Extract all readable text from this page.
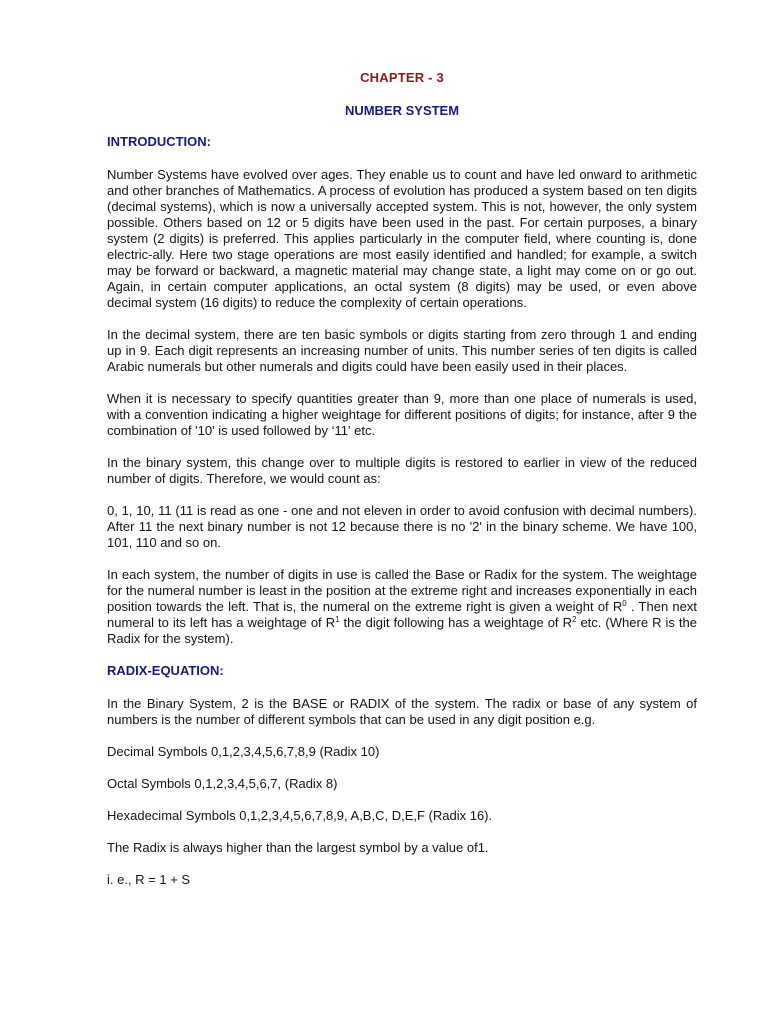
CHAPTER - 3
NUMBER SYSTEM
INTRODUCTION:

Number Systems have evolved over ages. They enable us to count and have led onward to arithmetic and other branches of Mathematics. A process of evolution has produced a system based on ten digits (decimal systems), which is now a universally accepted system. This is not, however, the only system possible. Others based on 12 or 5 digits have been used in the past. For certain purposes, a binary system (2 digits) is preferred. This applies particularly in the computer field, where counting is, done electric-ally. Here two stage operations are most easily identified and handled; for example, a switch may be forward or backward, a magnetic material may change state, a light may come on or go out. Again, in certain computer applications, an octal system (8 digits) may be used, or even above decimal system (16 digits) to reduce the complexity of certain operations.

In the decimal system, there are ten basic symbols or digits starting from zero through 1 and ending up in 9. Each digit represents an increasing number of units. This number series of ten digits is called Arabic numerals but other numerals and digits could have been easily used in their places.

When it is necessary to specify quantities greater than 9, more than one place of numerals is used, with a convention indicating a higher weightage for different positions of digits; for instance, after 9 the combination of '10' is used followed by ‘11' etc.

In the binary system, this change over to multiple digits is restored to earlier in view of the reduced number of digits. Therefore, we would count as:

0, 1, 10, 11 (11 is read as one - one and not eleven in order to avoid confusion with decimal numbers). After 11 the next binary number is not 12 because there is no '2' in the binary scheme. We have 100, 101, 110 and so on.

In each system, the number of digits in use is called the Base or Radix for the system. The weightage for the numeral number is least in the position at the extreme right and increases exponentially in each position towards the left. That is, the numeral on the extreme right is given a weight of $R^0$ . Then next numeral to its left has a weightage of $R^1$ the digit following has a weightage of $R^2$ etc. (Where R is the Radix for the system).

RADIX-EQUATION:

In the Binary System, 2 is the BASE or RADIX of the system. The radix or base of any system of numbers is the number of different symbols that can be used in any digit position e.g.

Decimal Symbols 0,1,2,3,4,5,6,7,8,9 (Radix 10)

Octal Symbols 0,1,2,3,4,5,6,7, (Radix 8)

Hexadecimal Symbols 0,1,2,3,4,5,6,7,8,9, A,B,C, D,E,F (Radix 16).

The Radix is always higher than the largest symbol by a value of1.

i. e., R = 1 + S
